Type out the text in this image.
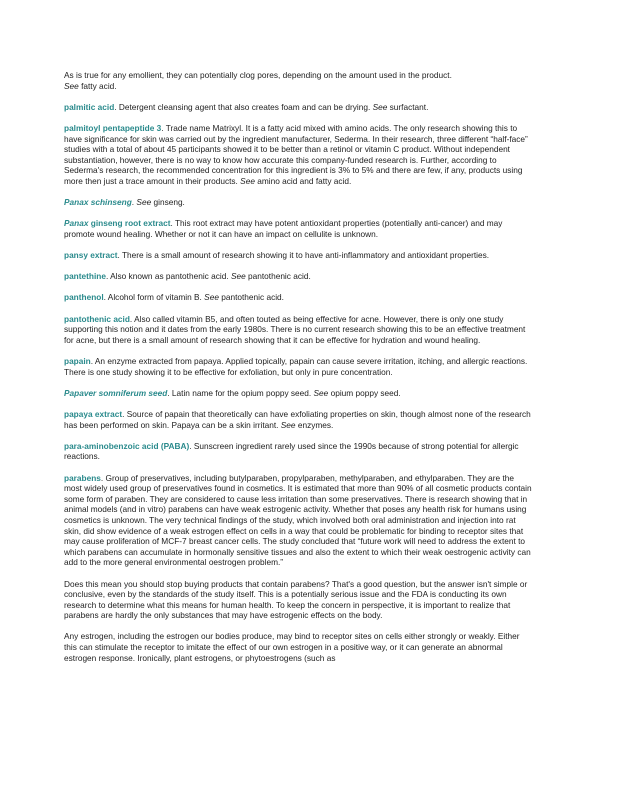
As is true for any emollient, they can potentially clog pores, depending on the amount used in the product.
See fatty acid.

palmitic acid. Detergent cleansing agent that also creates foam and can be drying. See surfactant.

palmitoyl pentapeptide 3. Trade name Matrixyl. It is a fatty acid mixed with amino acids. The only research showing this to have significance for skin was carried out by the ingredient manufacturer, Sederma. In their research, three different “half-face” studies with a total of about 45 participants showed it to be better than a retinol or vitamin C product. Without independent substantiation, however, there is no way to know how accurate this company-funded research is. Further, according to Sederma's research, the recommended concentration for this ingredient is 3% to 5% and there are few, if any, products using more then just a trace amount in their products. See amino acid and fatty acid.

Panax schinseng. See ginseng.

Panax ginseng root extract. This root extract may have potent antioxidant properties (potentially anti-cancer) and may promote wound healing. Whether or not it can have an impact on cellulite is unknown.

pansy extract. There is a small amount of research showing it to have anti-inflammatory and antioxidant properties.

pantethine. Also known as pantothenic acid. See pantothenic acid.

panthenol. Alcohol form of vitamin B. See pantothenic acid.

pantothenic acid. Also called vitamin B5, and often touted as being effective for acne. However, there is only one study supporting this notion and it dates from the early 1980s. There is no current research showing this to be an effective treatment for acne, but there is a small amount of research showing that it can be effective for hydration and wound healing.

papain. An enzyme extracted from papaya. Applied topically, papain can cause severe irritation, itching, and allergic reactions. There is one study showing it to be effective for exfoliation, but only in pure concentration.

Papaver somniferum seed. Latin name for the opium poppy seed. See opium poppy seed.

papaya extract. Source of papain that theoretically can have exfoliating properties on skin, though almost none of the research has been performed on skin. Papaya can be a skin irritant. See enzymes.

para-aminobenzoic acid (PABA). Sunscreen ingredient rarely used since the 1990s because of strong potential for allergic reactions.

parabens. Group of preservatives, including butylparaben, propylparaben, methylparaben, and ethylparaben. They are the most widely used group of preservatives found in cosmetics. It is estimated that more than 90% of all cosmetic products contain some form of paraben. They are considered to cause less irritation than some preservatives. There is research showing that in animal models (and in vitro) parabens can have weak estrogenic activity. Whether that poses any health risk for humans using cosmetics is unknown. The very technical findings of the study, which involved both oral administration and injection into rat skin, did show evidence of a weak estrogen effect on cells in a way that could be problematic for binding to receptor sites that may cause proliferation of MCF-7 breast cancer cells. The study concluded that “future work will need to address the extent to which parabens can accumulate in hormonally sensitive tissues and also the extent to which their weak oestrogenic activity can add to the more general environmental oestrogen problem.”

Does this mean you should stop buying products that contain parabens? That's a good question, but the answer isn't simple or conclusive, even by the standards of the study itself. This is a potentially serious issue and the FDA is conducting its own research to determine what this means for human health. To keep the concern in perspective, it is important to realize that parabens are hardly the only substances that may have estrogenic effects on the body.

Any estrogen, including the estrogen our bodies produce, may bind to receptor sites on cells either strongly or weakly. Either this can stimulate the receptor to imitate the effect of our own estrogen in a positive way, or it can generate an abnormal estrogen response. Ironically, plant estrogens, or phytoestrogens (such as
